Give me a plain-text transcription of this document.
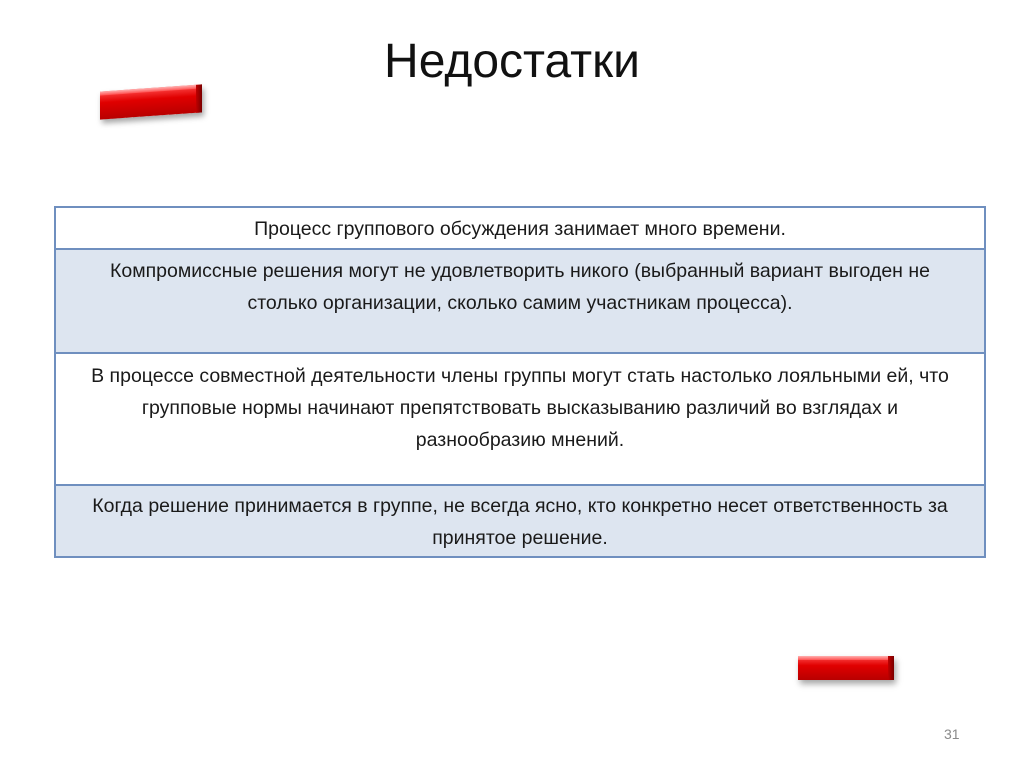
Недостатки
Процесс группового обсуждения занимает много времени.
Компромиссные решения могут не удовлетворить никого (выбранный вариант выгоден не столько организации, сколько самим участникам процесса).
В процессе совместной деятельности члены группы могут стать настолько лояльными ей, что групповые нормы начинают препятствовать высказыванию различий во взглядах и разнообразию мнений.
Когда решение принимается в группе, не всегда ясно, кто конкретно несет ответственность за принятое решение.
31
